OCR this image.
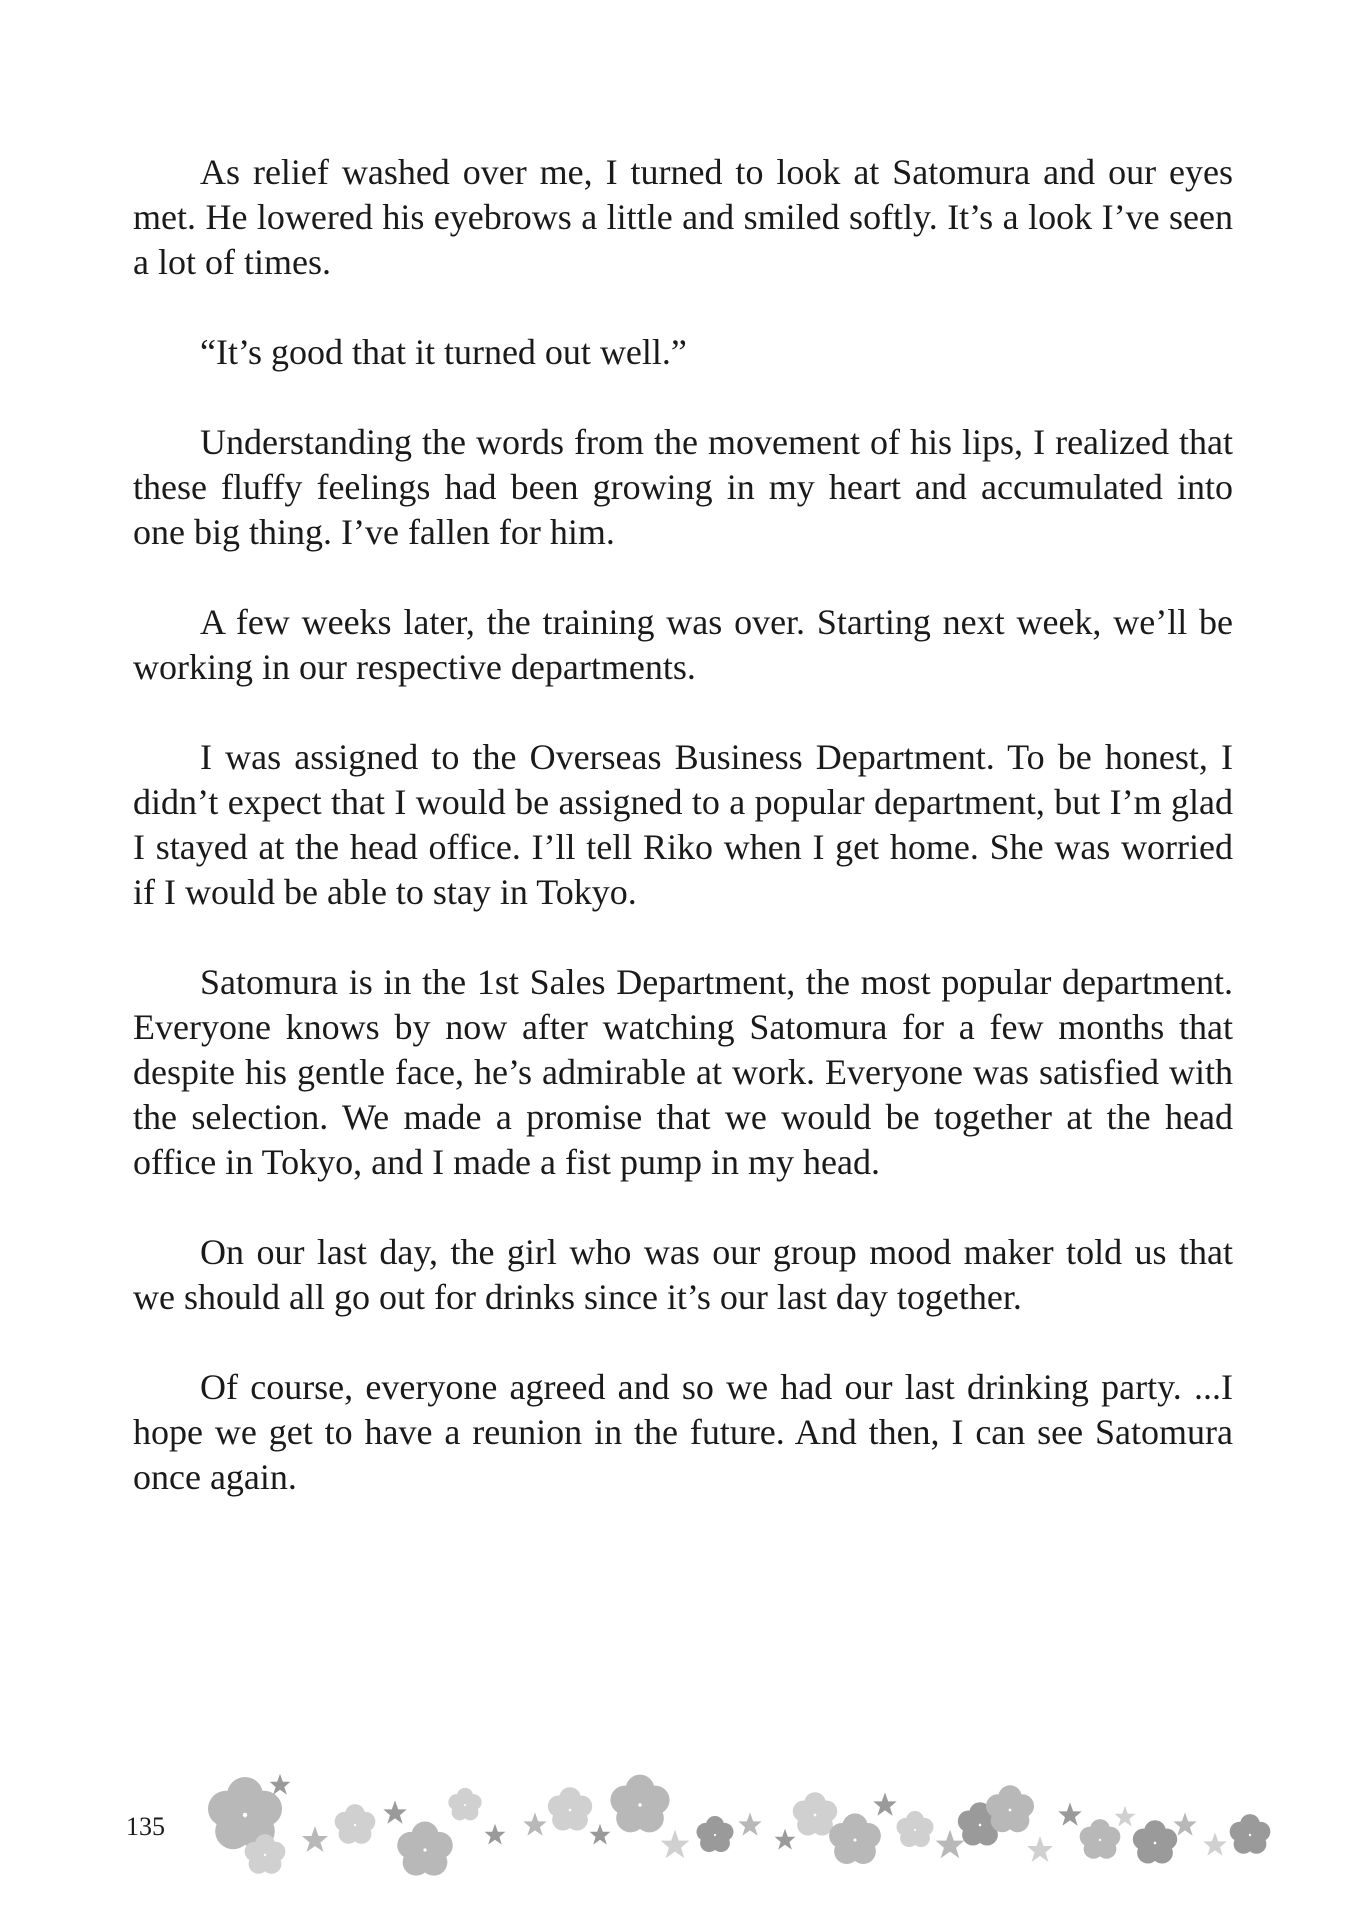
As relief washed over me, I turned to look at Satomura and our eyes met. He lowered his eyebrows a little and smiled softly. It’s a look I’ve seen a lot of times.

“It’s good that it turned out well.”

Understanding the words from the movement of his lips, I realized that these fluffy feelings had been growing in my heart and accumulated into one big thing. I’ve fallen for him.

A few weeks later, the training was over. Starting next week, we’ll be working in our respective departments.

I was assigned to the Overseas Business Department. To be honest, I didn’t expect that I would be assigned to a popular department, but I’m glad I stayed at the head office. I’ll tell Riko when I get home. She was worried if I would be able to stay in Tokyo.

Satomura is in the 1st Sales Department, the most popular department. Everyone knows by now after watching Satomura for a few months that despite his gentle face, he’s admirable at work. Everyone was satisfied with the selection. We made a promise that we would be together at the head office in Tokyo, and I made a fist pump in my head.

On our last day, the girl who was our group mood maker told us that we should all go out for drinks since it’s our last day together.

Of course, everyone agreed and so we had our last drinking party. ...I hope we get to have a reunion in the future. And then, I can see Satomura once again.

135
